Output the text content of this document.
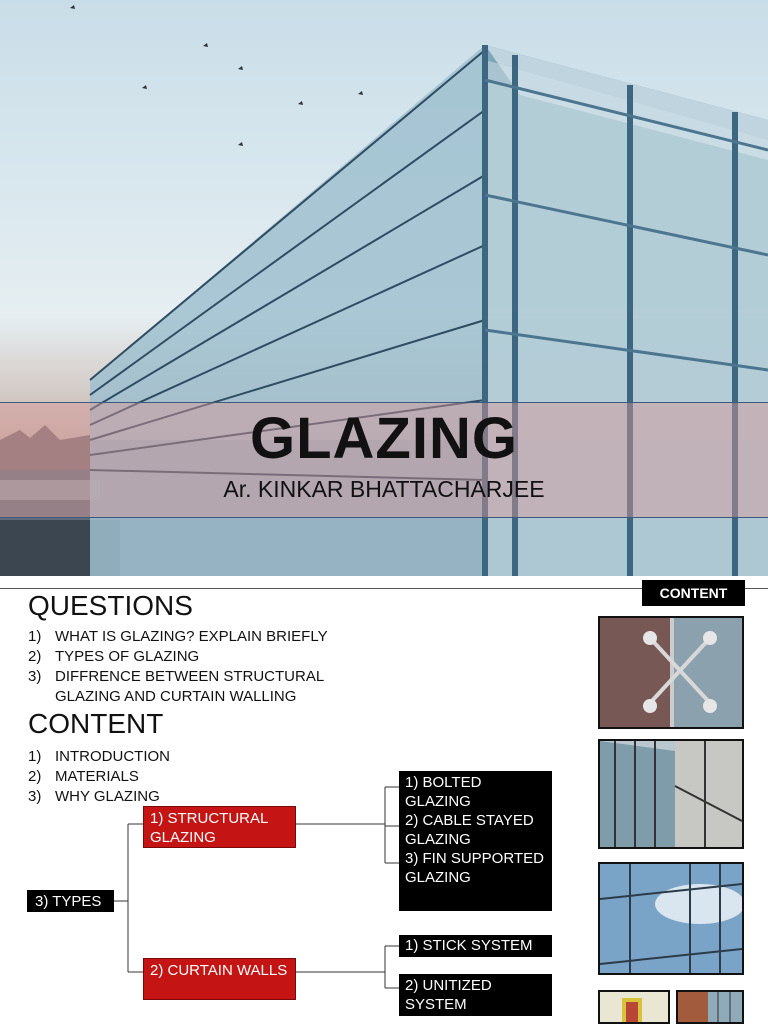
GLAZING
Ar. KINKAR BHATTACHARJEE
CONTENT
QUESTIONS
1) WHAT IS GLAZING? EXPLAIN BRIEFLY
2) TYPES OF GLAZING
3) DIFFRENCE BETWEEN STRUCTURAL GLAZING AND CURTAIN WALLING
CONTENT
1) INTRODUCTION
2) MATERIALS
3) WHY GLAZING
3) TYPES
1) STRUCTURAL GLAZING
2) CURTAIN WALLS
1) BOLTED GLAZING
2) CABLE STAYED GLAZING
3) FIN SUPPORTED GLAZING
1) STICK SYSTEM
2) UNITIZED SYSTEM
